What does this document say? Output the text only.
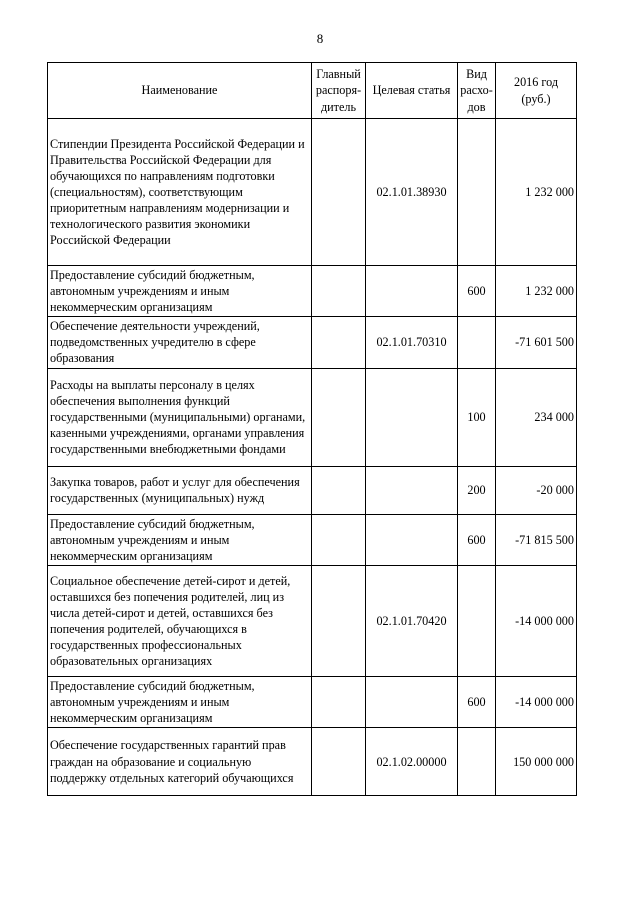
8
Наименование	Главный распоря-дитель	Целевая статья	Вид расхо-дов	2016 год (руб.)
Стипендии Президента Российской Федерации и Правительства Российской Федерации для обучающихся по направлениям подготовки (специальностям), соответствующим приоритетным направлениям модернизации и технологического развития экономики Российской Федерации		02.1.01.38930		1 232 000
Предоставление субсидий бюджетным, автономным учреждениям и иным некоммерческим организациям			600	1 232 000
Обеспечение деятельности учреждений, подведомственных учредителю в сфере образования		02.1.01.70310		-71 601 500
Расходы на выплаты персоналу в целях обеспечения выполнения функций государственными (муниципальными) органами, казенными учреждениями, органами управления государственными внебюджетными фондами			100	234 000
Закупка товаров, работ и услуг для обеспечения государственных (муниципальных) нужд			200	-20 000
Предоставление субсидий бюджетным, автономным учреждениям и иным некоммерческим организациям			600	-71 815 500
Социальное обеспечение детей-сирот и детей, оставшихся без попечения родителей, лиц из числа детей-сирот и детей, оставшихся без попечения родителей, обучающихся в государственных профессиональных образовательных организациях		02.1.01.70420		-14 000 000
Предоставление субсидий бюджетным, автономным учреждениям и иным некоммерческим организациям			600	-14 000 000
Обеспечение государственных гарантий прав граждан на образование и социальную поддержку отдельных категорий обучающихся		02.1.02.00000		150 000 000
